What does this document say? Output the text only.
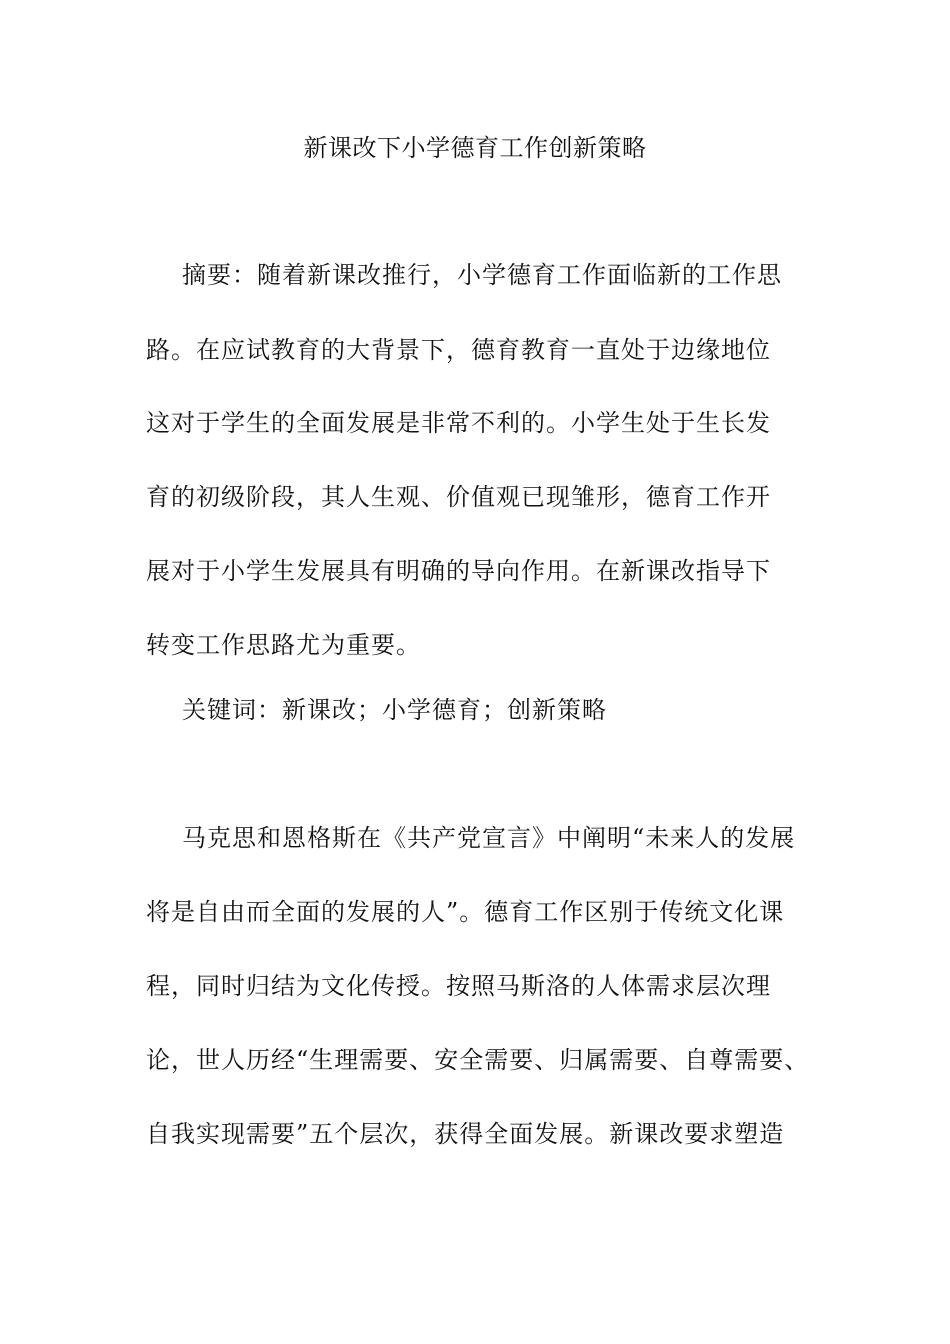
新课改下小学德育工作创新策略
摘要：随着新课改推行，小学德育工作面临新的工作思
路。在应试教育的大背景下，德育教育一直处于边缘地位
这对于学生的全面发展是非常不利的。小学生处于生长发
育的初级阶段，其人生观、价值观已现雏形，德育工作开
展对于小学生发展具有明确的导向作用。在新课改指导下
转变工作思路尤为重要。
关键词：新课改；小学德育；创新策略
马克思和恩格斯在《共产党宣言》中阐明“未来人的发展
将是自由而全面的发展的人”。德育工作区别于传统文化课
程，同时归结为文化传授。按照马斯洛的人体需求层次理
论，世人历经“生理需要、安全需要、归属需要、自尊需要、
自我实现需要”五个层次，获得全面发展。新课改要求塑造
